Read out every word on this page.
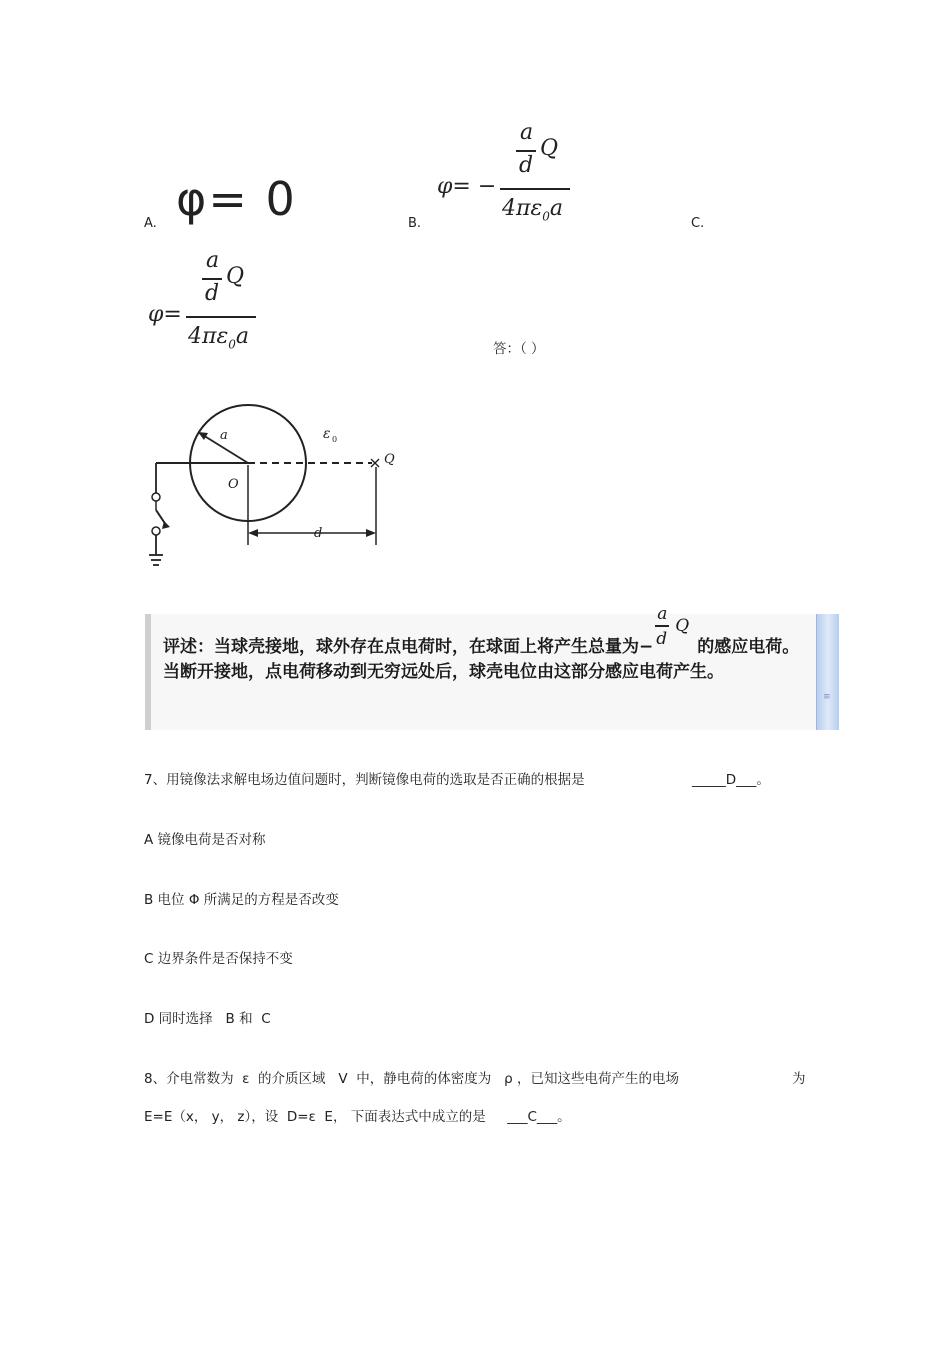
A. φ= 0	B.
φ= −
a
d
Q
$4\pi\varepsilon_0a$
C.
φ=
a
d
Q
$4\pi\varepsilon_0a$	答：（ ）
a
O
ε 0
Q
d
评述：当球壳接地，球外存在点电荷时，在球面上将产生总量为−
a
d
Q
的感应电荷。当断开接地，点电荷移动到无穷远处后，球壳电位由这部分感应电荷产生。
≡
7、用镜像法求解电场边值问题时，判断镜像电荷的选取是否正确的根据是	_____D___。
A 镜像电荷是否对称
B 电位 Φ 所满足的方程是否改变
C 边界条件是否保持不变
D 同时选择   B 和  C
8、介电常数为  ε  的介质区域   V  中，静电荷的体密度为   ρ ，已知这些电荷产生的电场	为
E=E（x， y， z），设  D=ε  E， 下面表达式中成立的是     ___C___。
